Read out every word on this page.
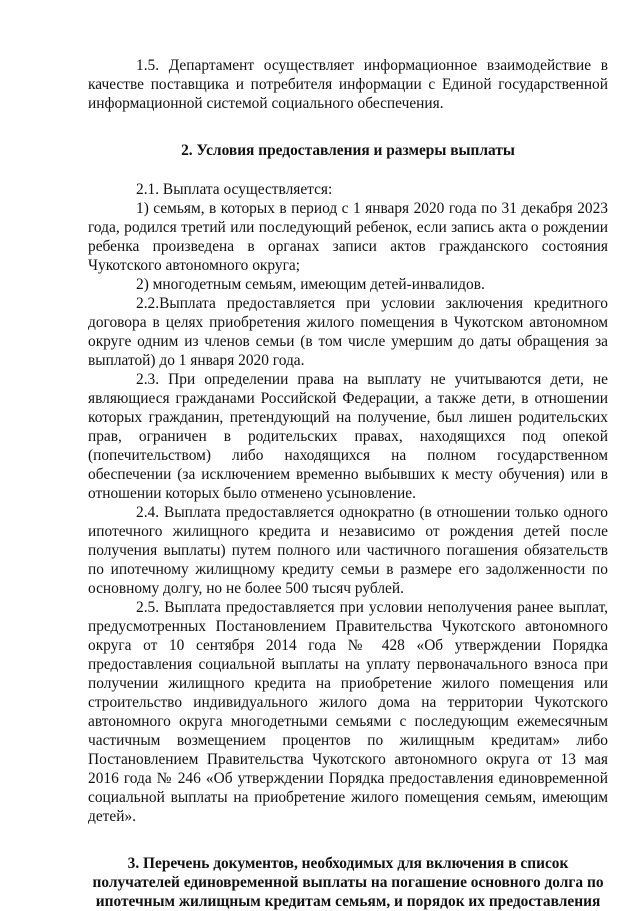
1.5. Департамент осуществляет информационное взаимодействие в качестве поставщика и потребителя информации с Единой государственной информационной системой социального обеспечения.

2. Условия предоставления и размеры выплаты

2.1. Выплата осуществляется:

1) семьям, в которых в период с 1 января 2020 года по 31 декабря 2023 года, родился третий или последующий ребенок, если запись акта о рождении ребенка произведена в органах записи актов гражданского состояния Чукотского автономного округа;

2) многодетным семьям, имеющим детей-инвалидов.

2.2.Выплата предоставляется при условии заключения кредитного договора в целях приобретения жилого помещения в Чукотском автономном округе одним из членов семьи (в том числе умершим до даты обращения за выплатой) до 1 января 2020 года.

2.3. При определении права на выплату не учитываются дети, не являющиеся гражданами Российской Федерации, а также дети, в отношении которых гражданин, претендующий на получение, был лишен родительских прав, ограничен в родительских правах, находящихся под опекой (попечительством) либо находящихся на полном государственном обеспечении (за исключением временно выбывших к месту обучения) или в отношении которых было отменено усыновление.

2.4. Выплата предоставляется однократно (в отношении только одного ипотечного жилищного кредита и независимо от рождения детей после получения выплаты) путем полного или частичного погашения обязательств по ипотечному жилищному кредиту семьи в размере его задолженности по основному долгу, но не более 500 тысяч рублей.

2.5. Выплата предоставляется при условии неполучения ранее выплат, предусмотренных Постановлением Правительства Чукотского автономного округа от 10 сентября 2014 года № 428 «Об утверждении Порядка предоставления социальной выплаты на уплату первоначального взноса при получении жилищного кредита на приобретение жилого помещения или строительство индивидуального жилого дома на территории Чукотского автономного округа многодетными семьями с последующим ежемесячным частичным возмещением процентов по жилищным кредитам» либо Постановлением Правительства Чукотского автономного округа от 13 мая 2016 года № 246 «Об утверждении Порядка предоставления единовременной социальной выплаты на приобретение жилого помещения семьям, имеющим детей».

3. Перечень документов, необходимых для включения в список

получателей единовременной выплаты на погашение основного долга по

ипотечным жилищным кредитам семьям, и порядок их предоставления
